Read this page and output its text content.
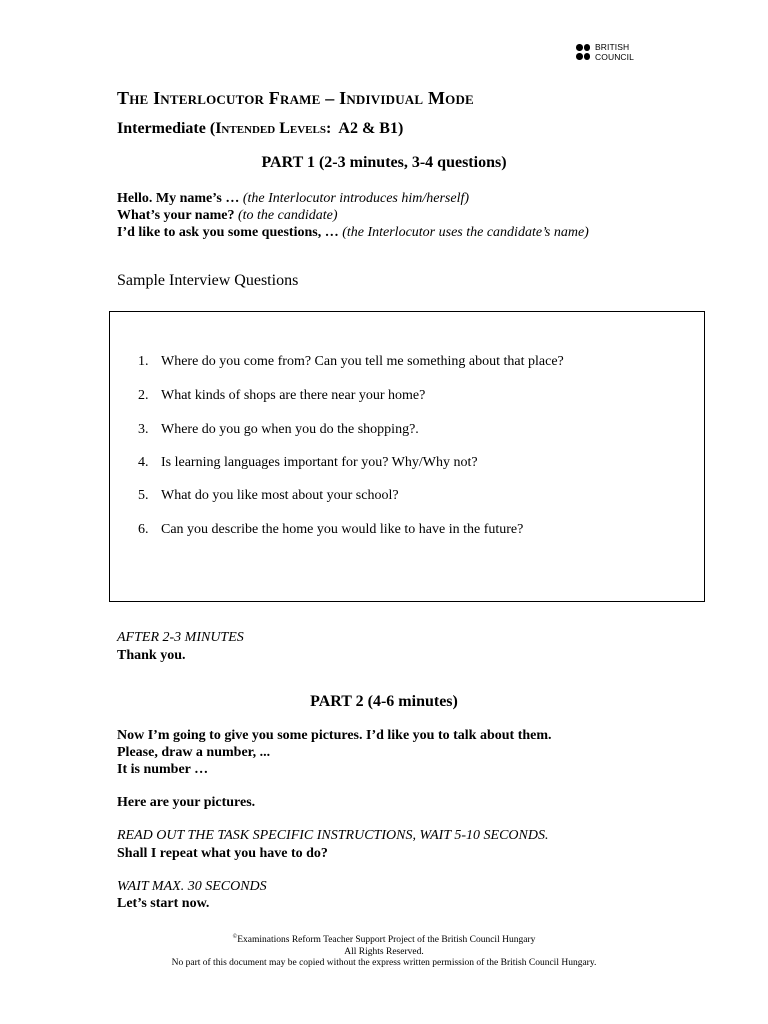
BRITISH
COUNCIL
The Interlocutor Frame – Individual Mode
Intermediate (Intended Levels:  A2 & B1)
PART 1 (2-3 minutes, 3-4 questions)
Hello. My name’s … (the Interlocutor introduces him/herself)
What’s your name? (to the candidate)
I’d like to ask you some questions, … (the Interlocutor uses the candidate’s name)
Sample Interview Questions
1. Where do you come from? Can you tell me something about that place?
2. What kinds of shops are there near your home?
3. Where do you go when you do the shopping?.
4. Is learning languages important for you? Why/Why not?
5. What do you like most about your school?
6. Can you describe the home you would like to have in the future?
AFTER 2-3 MINUTES
Thank you.
PART 2 (4-6 minutes)
Now I’m going to give you some pictures. I’d like you to talk about them.
Please, draw a number, ...
It is number …
Here are your pictures.
READ OUT THE TASK SPECIFIC INSTRUCTIONS, WAIT 5-10 SECONDS.
Shall I repeat what you have to do?
WAIT MAX. 30 SECONDS
Let’s start now.
©Examinations Reform Teacher Support Project of the British Council Hungary
All Rights Reserved.
No part of this document may be copied without the express written permission of the British Council Hungary.
